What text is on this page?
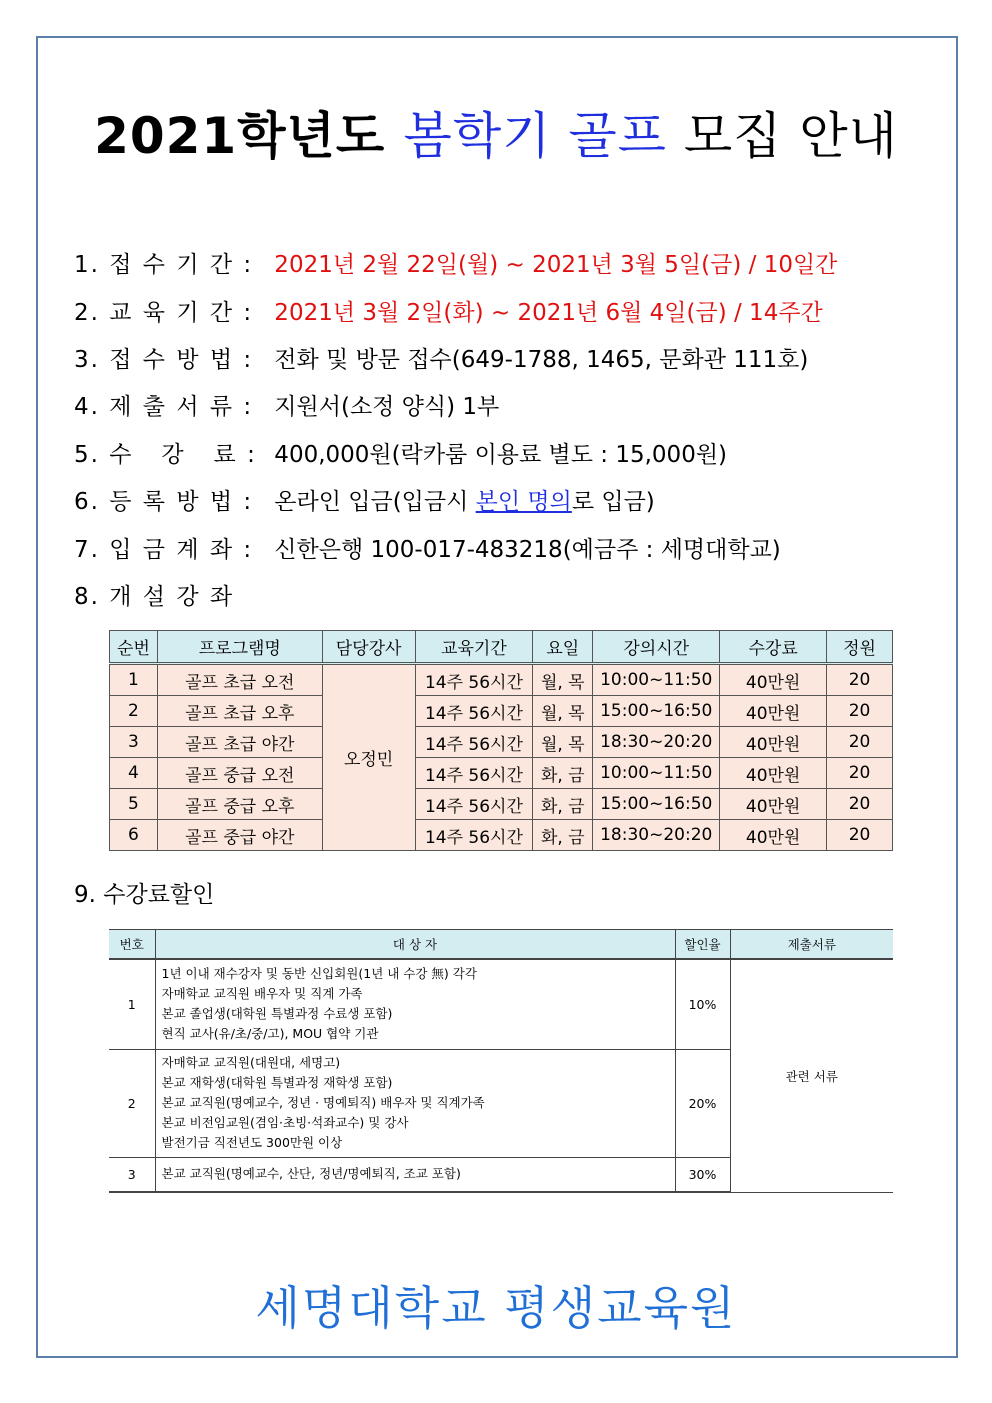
2021학년도 봄학기 골프 모집 안내
1. 접 수 기 간 : 2021년 2월 22일(월) ~ 2021년 3월 5일(금) / 10일간
2. 교 육 기 간 : 2021년 3월 2일(화) ~ 2021년 6월 4일(금) / 14주간
3. 접 수 방 법 : 전화 및 방문 접수(649-1788, 1465, 문화관 111호)
4. 제 출 서 류 : 지원서(소정 양식) 1부
5. 수   강   료 : 400,000원(락카룸 이용료 별도 : 15,000원)
6. 등 록 방 법 : 온라인 입금(입금시 본인 명의로 입금)
7. 입 금 계 좌 : 신한은행 100-017-483218(예금주 : 세명대학교)
8. 개 설 강 좌
순번	프로그램명	담당강사	교육기간	요일	강의시간	수강료	정원
1	골프 초급 오전	오정민	14주 56시간	월, 목	10:00~11:50	40만원	20
2	골프 초급 오후		14주 56시간	월, 목	15:00~16:50	40만원	20
3	골프 초급 야간		14주 56시간	월, 목	18:30~20:20	40만원	20
4	골프 중급 오전		14주 56시간	화, 금	10:00~11:50	40만원	20
5	골프 중급 오후		14주 56시간	화, 금	15:00~16:50	40만원	20
6	골프 중급 야간		14주 56시간	화, 금	18:30~20:20	40만원	20
9. 수강료할인
번호	대 상 자	할인율	제출서류
1	1년 이내 재수강자 및 동반 신입회원(1년 내 수강 無) 각각
자매학교 교직원 배우자 및 직계 가족
본교 졸업생(대학원 특별과정 수료생 포함)
현직 교사(유/초/중/고), MOU 협약 기관	10%	관련 서류
2	자매학교 교직원(대원대, 세명고)
본교 재학생(대학원 특별과정 재학생 포함)
본교 교직원(명예교수, 정년 · 명예퇴직) 배우자 및 직계가족
본교 비전임교원(겸임·초빙·석좌교수) 및 강사
발전기금 직전년도 300만원 이상	20%	
3	본교 교직원(명예교수, 산단, 정년/명예퇴직, 조교 포함)	30%	
세명대학교 평생교육원
